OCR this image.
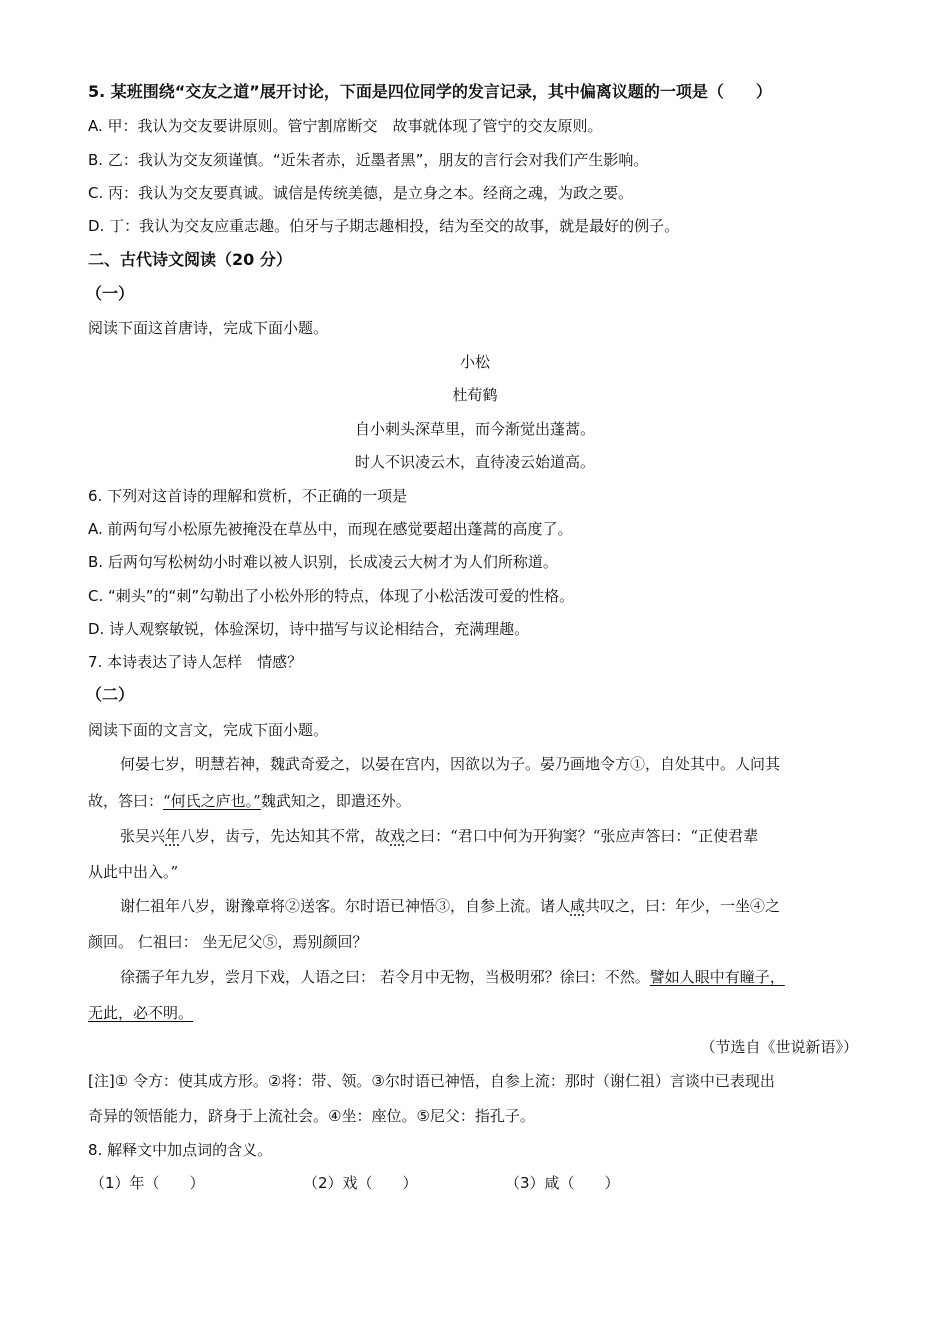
5. 某班围绕“交友之道”展开讨论，下面是四位同学的发言记录，其中偏离议题的一项是（　　）
A. 甲：我认为交友要讲原则。管宁割席断交　故事就体现了管宁的交友原则。
B. 乙：我认为交友须谨慎。“近朱者赤，近墨者黑”，朋友的言行会对我们产生影响。
C. 丙：我认为交友要真诚。诚信是传统美德，是立身之本。经商之魂，为政之要。
D. 丁：我认为交友应重志趣。伯牙与子期志趣相投，结为至交的故事，就是最好的例子。
二、古代诗文阅读（20 分）
（一）
阅读下面这首唐诗，完成下面小题。
小松
杜荀鹤
自小刺头深草里，而今渐觉出蓬蒿。
时人不识凌云木，直待凌云始道高。
6. 下列对这首诗的理解和赏析，不正确的一项是
A. 前两句写小松原先被掩没在草丛中，而现在感觉要超出蓬蒿的高度了。
B. 后两句写松树幼小时难以被人识别，长成凌云大树才为人们所称道。
C. “刺头”的“刺”勾勒出了小松外形的特点，体现了小松活泼可爱的性格。
D. 诗人观察敏锐，体验深切，诗中描写与议论相结合，充满理趣。
7. 本诗表达了诗人怎样　情感？
（二）
阅读下面的文言文，完成下面小题。
何晏七岁，明慧若神，魏武奇爱之，以晏在宫内，因欲以为子。晏乃画地令方①，自处其中。人问其
故，答曰：“何氏之庐也。”魏武知之，即遣还外。
张吴兴年八岁，齿亏，先达知其不常，故戏之曰：“君口中何为开狗窦？“张应声答曰：“正使君辈
从此中出入。”
谢仁祖年八岁，谢豫章将②送客。尔时语已神悟③，自参上流。诸人咸共叹之，曰：年少，一坐④之
颜回。 仁祖曰： 坐无尼父⑤，焉别颜回？
徐孺子年九岁，尝月下戏，人语之曰： 若令月中无物，当极明邪？徐曰：不然。譬如人眼中有瞳子，
无此，必不明。
（节选自《世说新语》）
[注]① 令方：使其成方形。②将：带、领。③尔时语已神悟，自参上流：那时（谢仁祖）言谈中已表现出
奇异的领悟能力，跻身于上流社会。④坐：座位。⑤尼父：指孔子。
8. 解释文中加点词的含义。
（1）年（　　）	（2）戏（　　）	（3）咸（　　）
